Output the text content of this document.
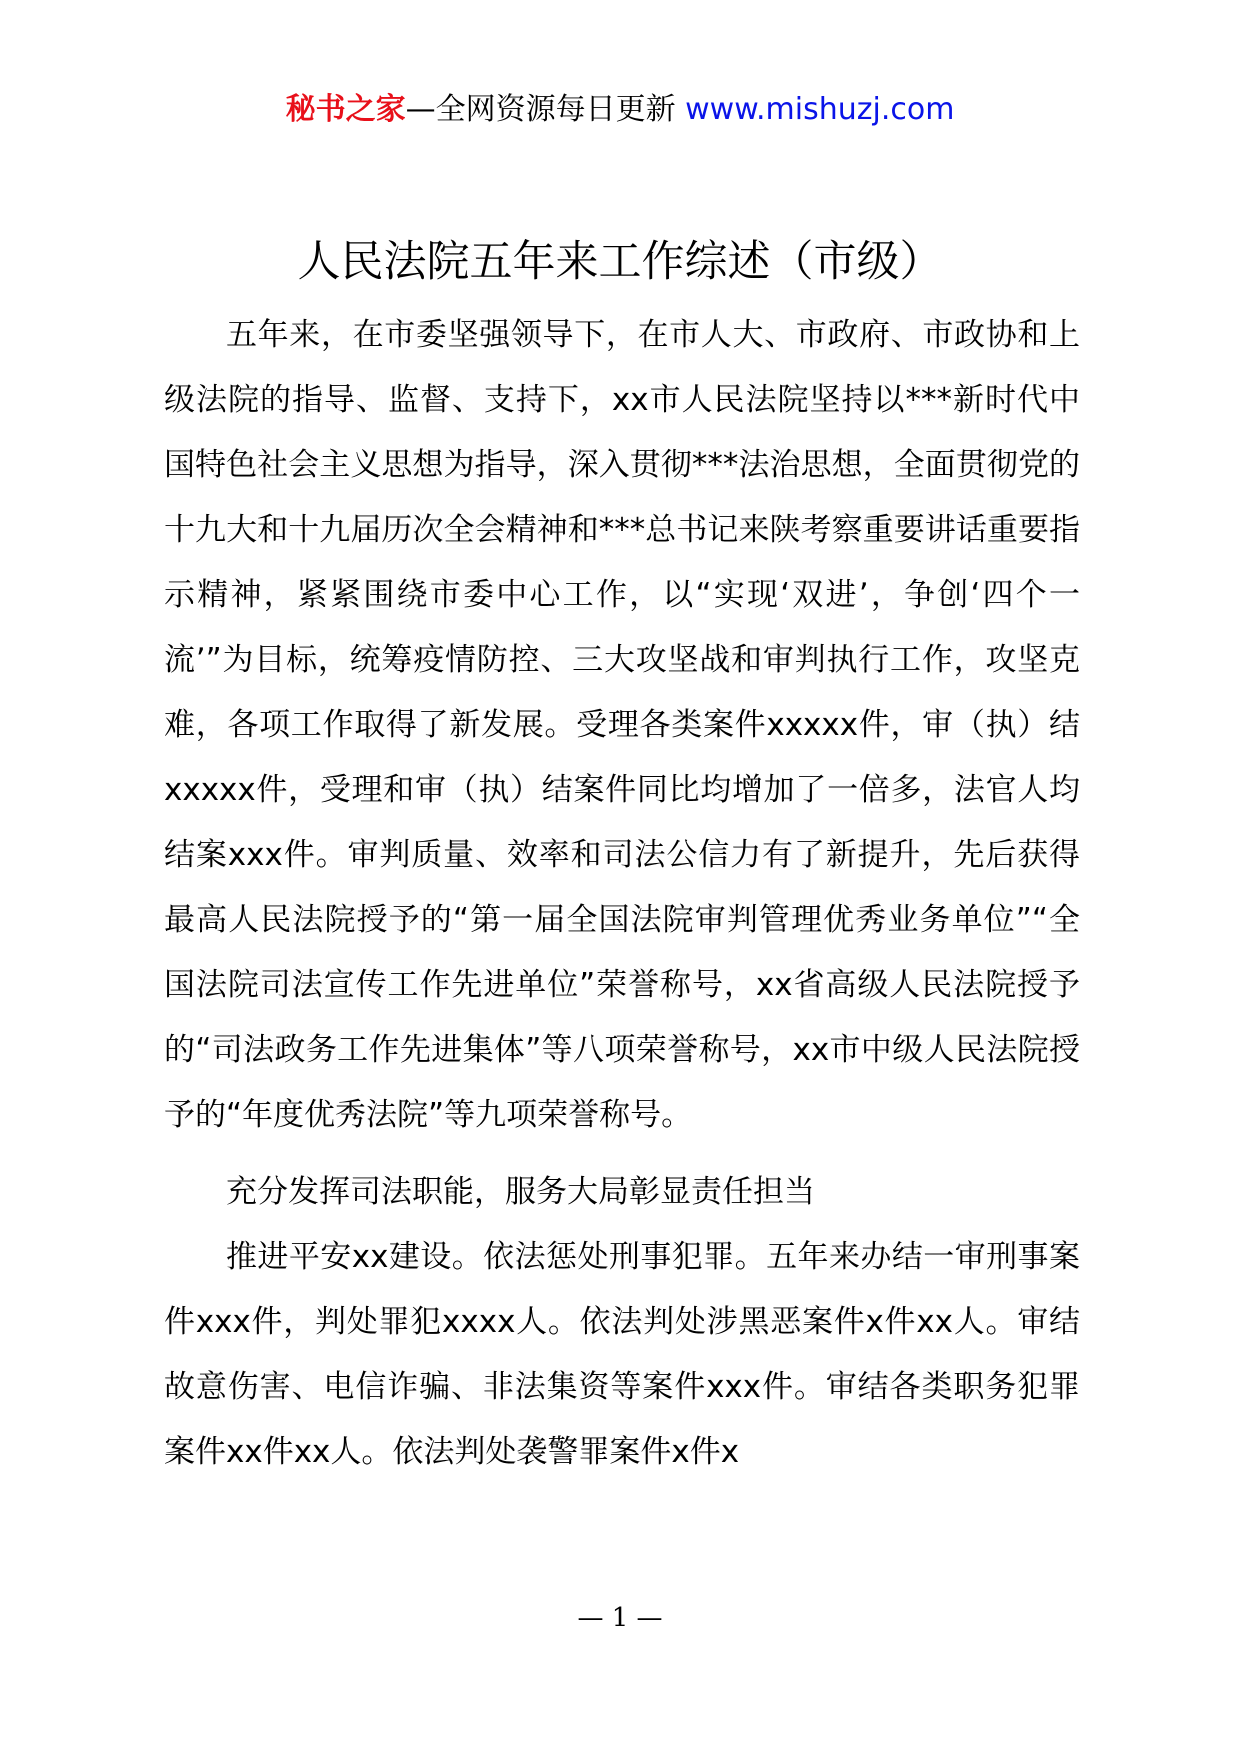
秘书之家—全网资源每日更新 www.mishuzj.com
人民法院五年来工作综述（市级）

五年来，在市委坚强领导下，在市人大、市政府、市政协和上级法院的指导、监督、支持下，xx市人民法院坚持以***新时代中国特色社会主义思想为指导，深入贯彻***法治思想，全面贯彻党的十九大和十九届历次全会精神和***总书记来陕考察重要讲话重要指示精神，紧紧围绕市委中心工作，以“实现‘双进’，争创‘四个一流’”为目标，统筹疫情防控、三大攻坚战和审判执行工作，攻坚克难，各项工作取得了新发展。受理各类案件xxxxx件，审（执）结xxxxx件，受理和审（执）结案件同比均增加了一倍多，法官人均结案xxx件。审判质量、效率和司法公信力有了新提升，先后获得最高人民法院授予的“第一届全国法院审判管理优秀业务单位”“全国法院司法宣传工作先进单位”荣誉称号，xx省高级人民法院授予的“司法政务工作先进集体”等八项荣誉称号，xx市中级人民法院授予的“年度优秀法院”等九项荣誉称号。

充分发挥司法职能，服务大局彰显责任担当

推进平安xx建设。依法惩处刑事犯罪。五年来办结一审刑事案件xxx件，判处罪犯xxxx人。依法判处涉黑恶案件x件xx人。审结故意伤害、电信诈骗、非法集资等案件xxx件。审结各类职务犯罪案件xx件xx人。依法判处袭警罪案件x件x

— 1 —
